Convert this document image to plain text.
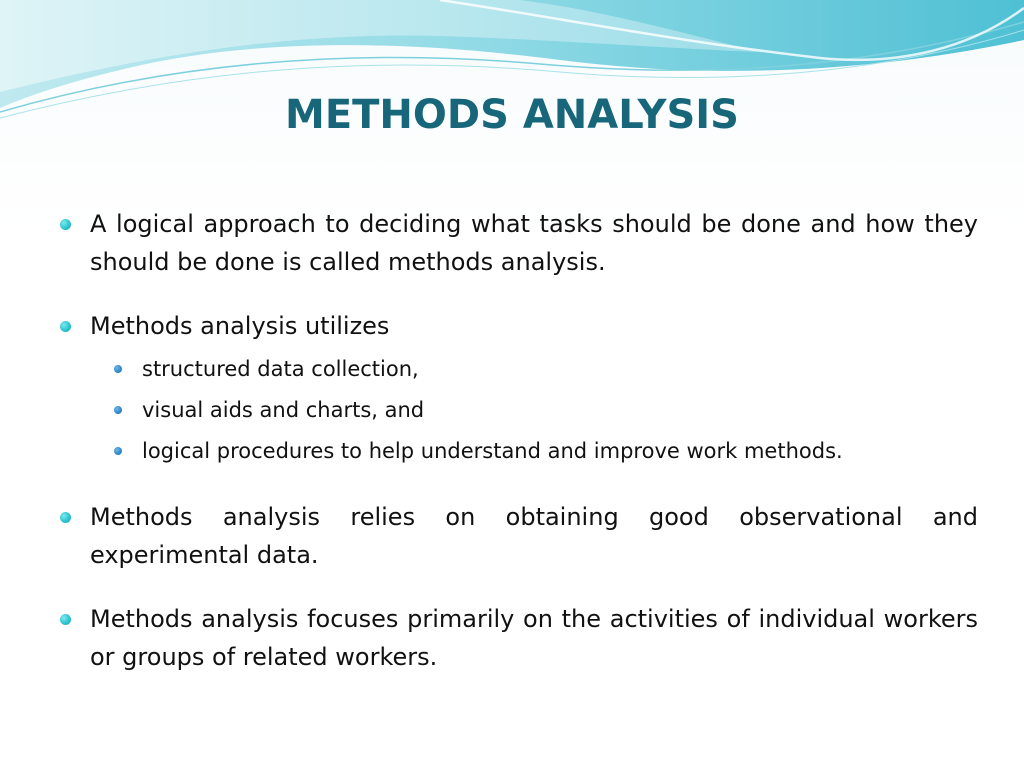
METHODS ANALYSIS
A logical approach to deciding what tasks should be done and how they should be done is called methods analysis.
Methods analysis utilizes
structured data collection,
visual aids and charts, and
logical procedures to help understand and improve work methods.
Methods analysis relies on obtaining good observational and experimental data.
Methods analysis focuses primarily on the activities of individual workers or groups of related workers.
